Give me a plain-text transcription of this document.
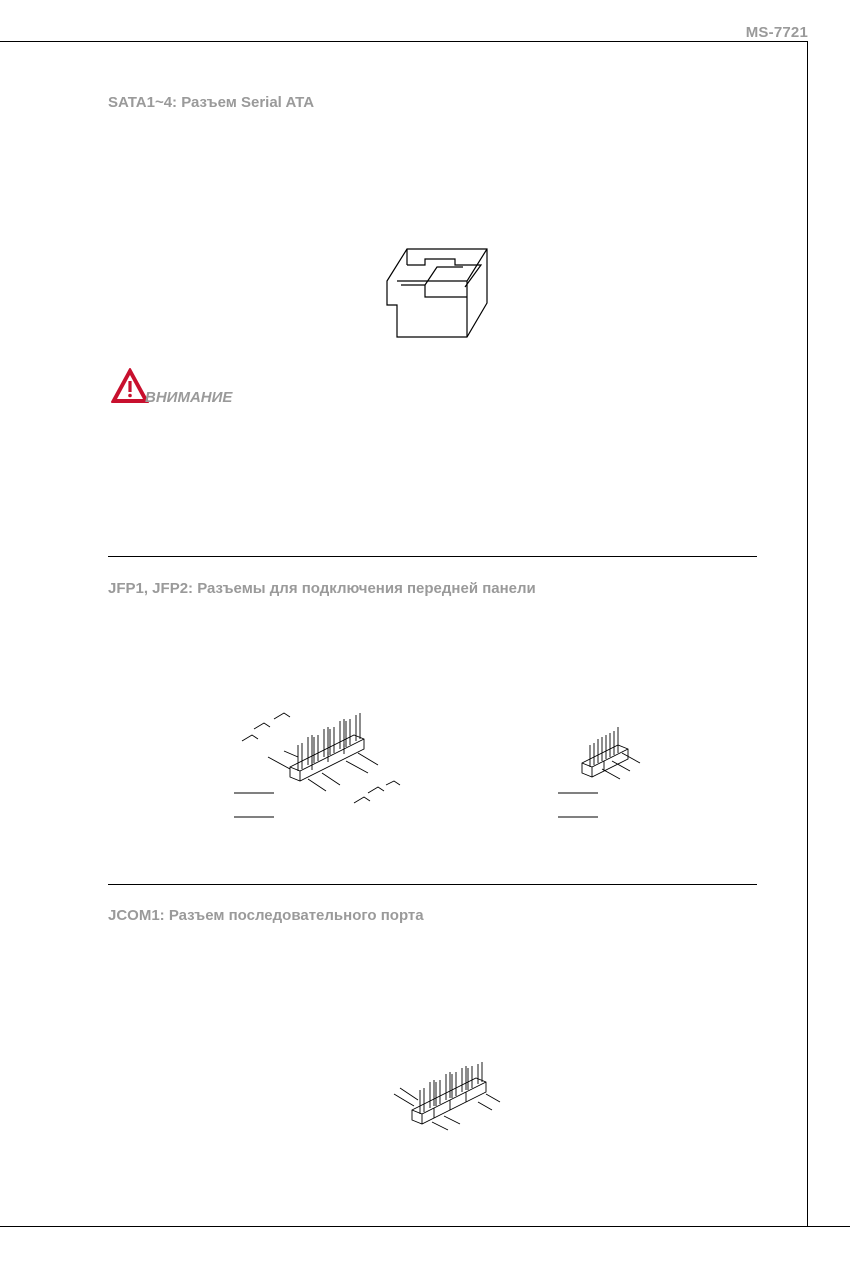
MS-7721
SATA1~4: Разъем Serial ATA
ВНИМАНИЕ
JFP1, JFP2: Разъемы для подключения передней панели
JCOM1: Разъем последовательного порта
